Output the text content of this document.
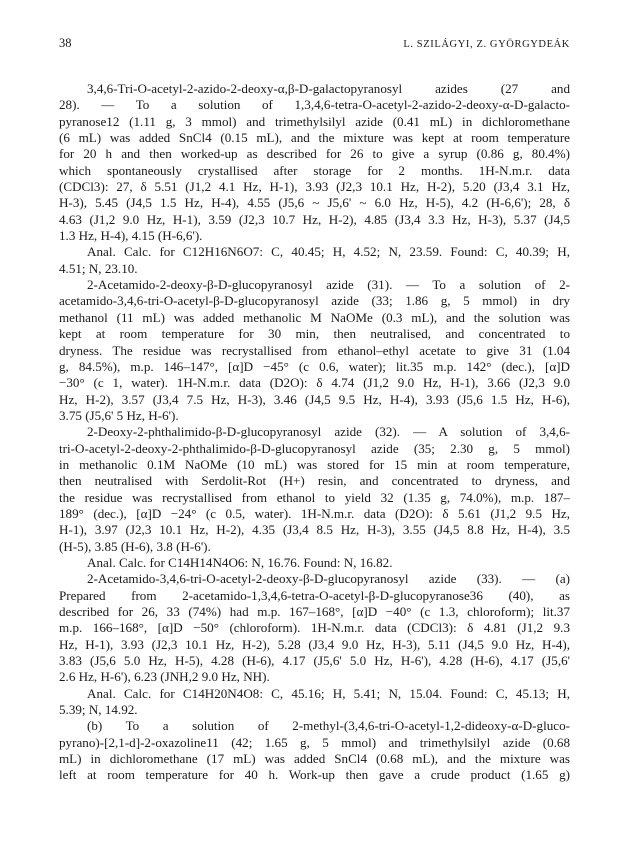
38	L. SZILÁGYI, Z. GYÖRGYDEÁK
3,4,6-Tri-O-acetyl-2-azido-2-deoxy-α,β-D-galactopyranosyl azides (27 and
28). — To a solution of 1,3,4,6-tetra-O-acetyl-2-azido-2-deoxy-α-D-galacto-
pyranose12 (1.11 g, 3 mmol) and trimethylsilyl azide (0.41 mL) in dichloromethane
(6 mL) was added SnCl4 (0.15 mL), and the mixture was kept at room temperature
for 20 h and then worked-up as described for 26 to give a syrup (0.86 g, 80.4%)
which spontaneously crystallised after storage for 2 months. 1H-N.m.r. data
(CDCl3): 27, δ 5.51 (J1,2 4.1 Hz, H-1), 3.93 (J2,3 10.1 Hz, H-2), 5.20 (J3,4 3.1 Hz,
H-3), 5.45 (J4,5 1.5 Hz, H-4), 4.55 (J5,6 ~ J5,6' ~ 6.0 Hz, H-5), 4.2 (H-6,6'); 28, δ
4.63 (J1,2 9.0 Hz, H-1), 3.59 (J2,3 10.7 Hz, H-2), 4.85 (J3,4 3.3 Hz, H-3), 5.37 (J4,5
1.3 Hz, H-4), 4.15 (H-6,6').
Anal. Calc. for C12H16N6O7: C, 40.45; H, 4.52; N, 23.59. Found: C, 40.39; H,
4.51; N, 23.10.
2-Acetamido-2-deoxy-β-D-glucopyranosyl azide (31). — To a solution of 2-
acetamido-3,4,6-tri-O-acetyl-β-D-glucopyranosyl azide (33; 1.86 g, 5 mmol) in dry
methanol (11 mL) was added methanolic M NaOMe (0.3 mL), and the solution was
kept at room temperature for 30 min, then neutralised, and concentrated to
dryness. The residue was recrystallised from ethanol–ethyl acetate to give 31 (1.04
g, 84.5%), m.p. 146–147°, [α]D −45° (c 0.6, water); lit.35 m.p. 142° (dec.), [α]D
−30° (c 1, water). 1H-N.m.r. data (D2O): δ 4.74 (J1,2 9.0 Hz, H-1), 3.66 (J2,3 9.0
Hz, H-2), 3.57 (J3,4 7.5 Hz, H-3), 3.46 (J4,5 9.5 Hz, H-4), 3.93 (J5,6 1.5 Hz, H-6),
3.75 (J5,6' 5 Hz, H-6').
2-Deoxy-2-phthalimido-β-D-glucopyranosyl azide (32). — A solution of 3,4,6-
tri-O-acetyl-2-deoxy-2-phthalimido-β-D-glucopyranosyl azide (35; 2.30 g, 5 mmol)
in methanolic 0.1M NaOMe (10 mL) was stored for 15 min at room temperature,
then neutralised with Serdolit-Rot (H+) resin, and concentrated to dryness, and
the residue was recrystallised from ethanol to yield 32 (1.35 g, 74.0%), m.p. 187–
189° (dec.), [α]D −24° (c 0.5, water). 1H-N.m.r. data (D2O): δ 5.61 (J1,2 9.5 Hz,
H-1), 3.97 (J2,3 10.1 Hz, H-2), 4.35 (J3,4 8.5 Hz, H-3), 3.55 (J4,5 8.8 Hz, H-4), 3.5
(H-5), 3.85 (H-6), 3.8 (H-6').
Anal. Calc. for C14H14N4O6: N, 16.76. Found: N, 16.82.
2-Acetamido-3,4,6-tri-O-acetyl-2-deoxy-β-D-glucopyranosyl azide (33). — (a)
Prepared from 2-acetamido-1,3,4,6-tetra-O-acetyl-β-D-glucopyranose36 (40), as
described for 26, 33 (74%) had m.p. 167–168°, [α]D −40° (c 1.3, chloroform); lit.37
m.p. 166–168°, [α]D −50° (chloroform). 1H-N.m.r. data (CDCl3): δ 4.81 (J1,2 9.3
Hz, H-1), 3.93 (J2,3 10.1 Hz, H-2), 5.28 (J3,4 9.0 Hz, H-3), 5.11 (J4,5 9.0 Hz, H-4),
3.83 (J5,6 5.0 Hz, H-5), 4.28 (H-6), 4.17 (J5,6' 5.0 Hz, H-6'), 4.28 (H-6), 4.17 (J5,6'
2.6 Hz, H-6'), 6.23 (JNH,2 9.0 Hz, NH).
Anal. Calc. for C14H20N4O8: C, 45.16; H, 5.41; N, 15.04. Found: C, 45.13; H,
5.39; N, 14.92.
(b) To a solution of 2-methyl-(3,4,6-tri-O-acetyl-1,2-dideoxy-α-D-gluco-
pyrano)-[2,1-d]-2-oxazoline11 (42; 1.65 g, 5 mmol) and trimethylsilyl azide (0.68
mL) in dichloromethane (17 mL) was added SnCl4 (0.68 mL), and the mixture was
left at room temperature for 40 h. Work-up then gave a crude product (1.65 g)
